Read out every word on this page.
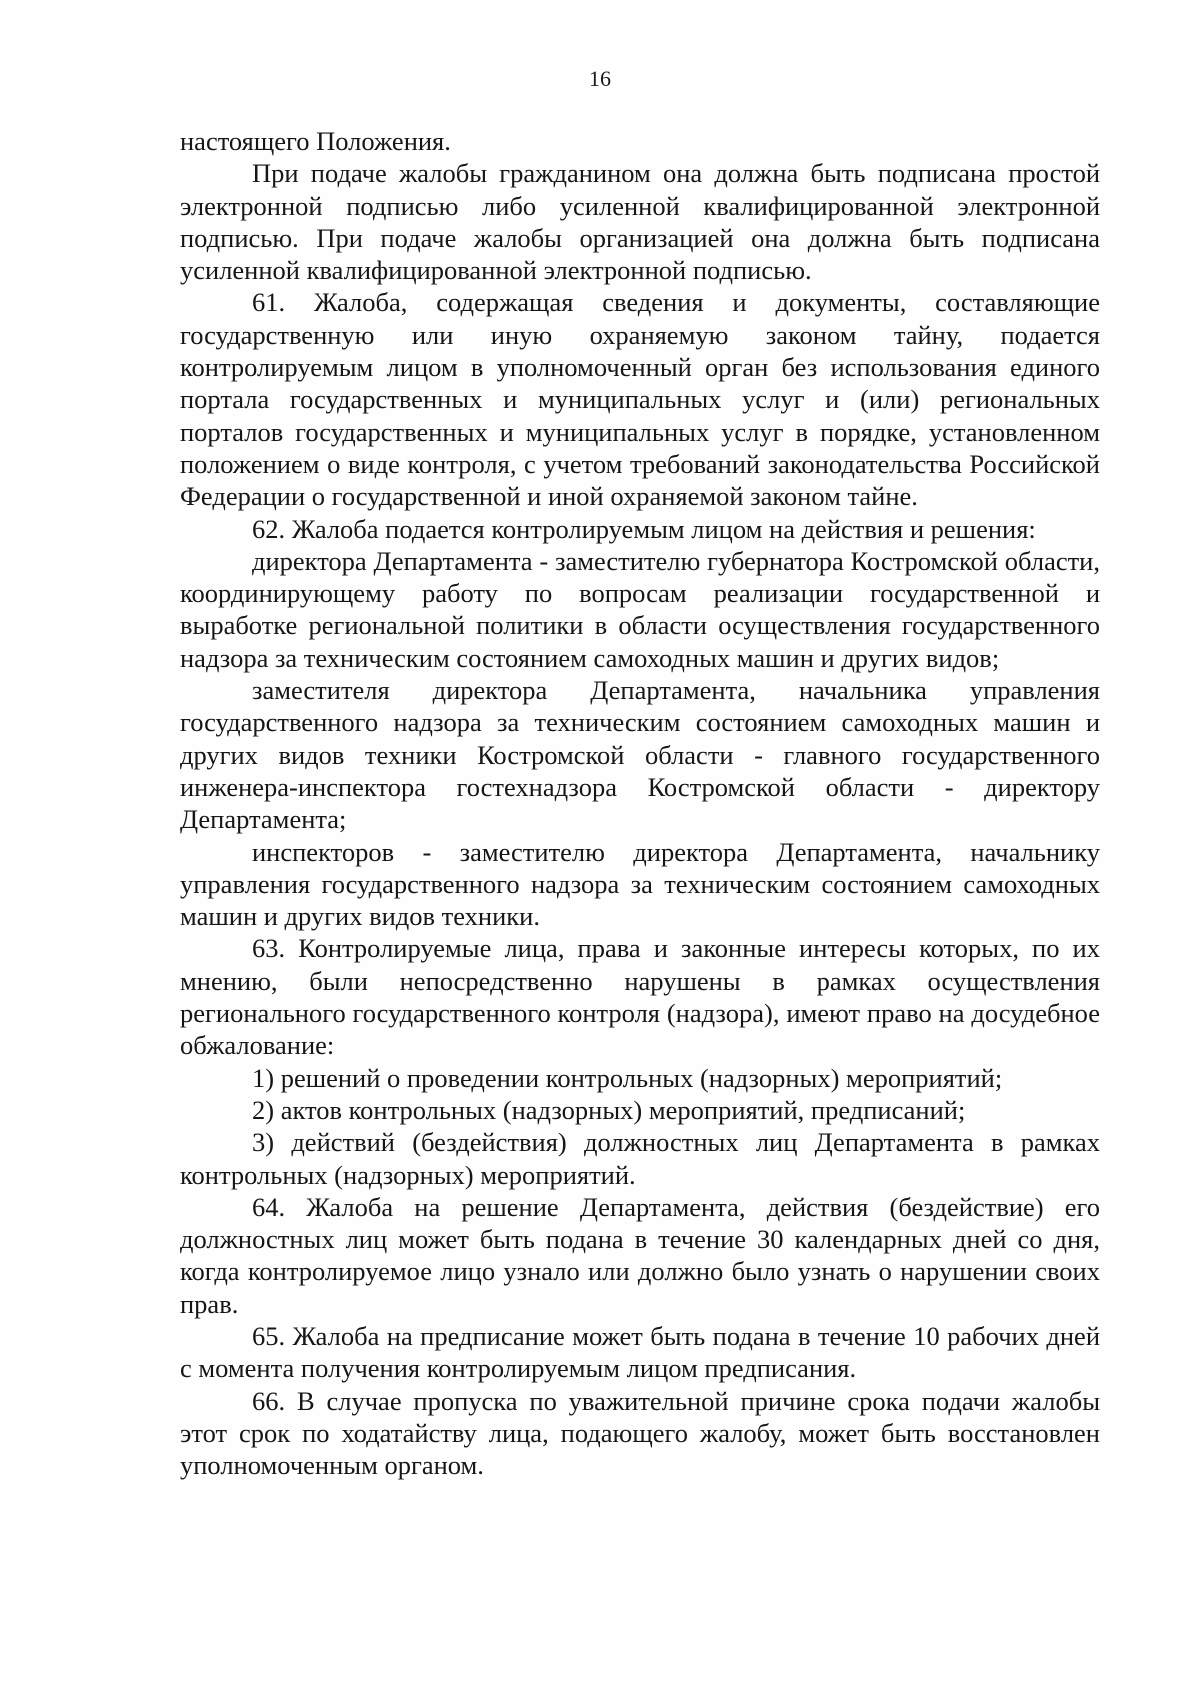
16

настоящего Положения.

При подаче жалобы гражданином она должна быть подписана простой электронной подписью либо усиленной квалифицированной электронной подписью. При подаче жалобы организацией она должна быть подписана усиленной квалифицированной электронной подписью.

61. Жалоба, содержащая сведения и документы, составляющие государственную или иную охраняемую законом тайну, подается контролируемым лицом в уполномоченный орган без использования единого портала государственных и муниципальных услуг и (или) региональных порталов государственных и муниципальных услуг в порядке, установленном положением о виде контроля, с учетом требований законодательства Российской Федерации о государственной и иной охраняемой законом тайне.

62. Жалоба подается контролируемым лицом на действия и решения:

директора Департамента - заместителю губернатора Костромской области, координирующему работу по вопросам реализации государственной и выработке региональной политики в области осуществления государственного надзора за техническим состоянием самоходных машин и других видов;

заместителя директора Департамента, начальника управления государственного надзора за техническим состоянием самоходных машин и других видов техники Костромской области - главного государственного инженера-инспектора гостехнадзора Костромской области - директору Департамента;

инспекторов - заместителю директора Департамента, начальнику управления государственного надзора за техническим состоянием самоходных машин и других видов техники.

63. Контролируемые лица, права и законные интересы которых, по их мнению, были непосредственно нарушены в рамках осуществления регионального государственного контроля (надзора), имеют право на досудебное обжалование:

1) решений о проведении контрольных (надзорных) мероприятий;

2) актов контрольных (надзорных) мероприятий, предписаний;

3) действий (бездействия) должностных лиц Департамента в рамках контрольных (надзорных) мероприятий.

64. Жалоба на решение Департамента, действия (бездействие) его должностных лиц может быть подана в течение 30 календарных дней со дня, когда контролируемое лицо узнало или должно было узнать о нарушении своих прав.

65. Жалоба на предписание может быть подана в течение 10 рабочих дней с момента получения контролируемым лицом предписания.

66. В случае пропуска по уважительной причине срока подачи жалобы этот срок по ходатайству лица, подающего жалобу, может быть восстановлен уполномоченным органом.
